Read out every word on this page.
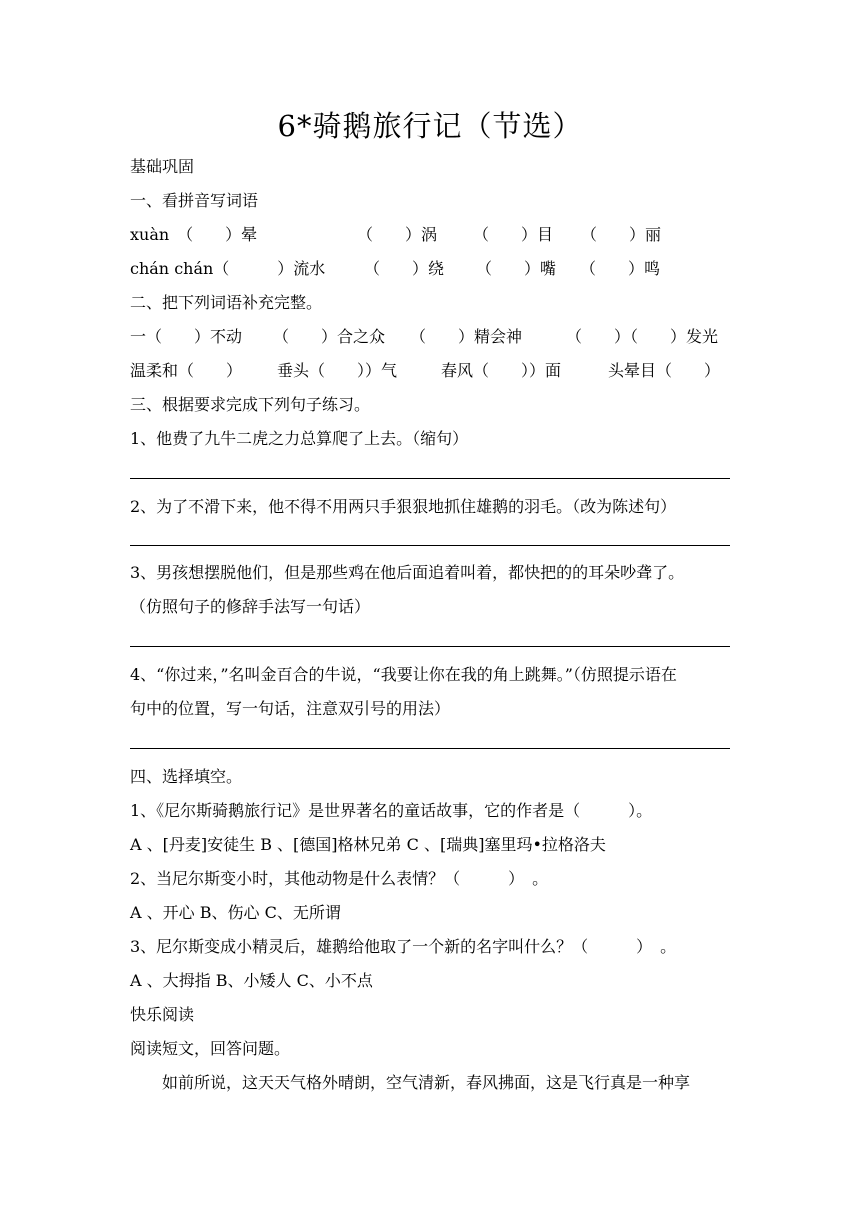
6*骑鹅旅行记（节选）
基础巩固
一、看拼音写词语
xuàn　（　　）晕	（　　）涡 （　　）目 （　　）丽
chán chán（　　　）流水 （　　）绕 （　　）嘴 （　　）鸣
二、把下列词语补充完整。
一（　　）不动 （　　）合之众 （　　）精会神	（　　）（　　）发光
温柔和（　　） 垂头（　　））气	春风（　　））面	头晕目（　　）
三、根据要求完成下列句子练习。
1、他费了九牛二虎之力总算爬了上去。（缩句）
2、为了不滑下来，他不得不用两只手狠狠地抓住雄鹅的羽毛。（改为陈述句）
3、男孩想摆脱他们，但是那些鸡在他后面追着叫着，都快把的的耳朵吵聋了。
（仿照句子的修辞手法写一句话）
4、“你过来，”名叫金百合的牛说，“我要让你在我的角上跳舞。”（仿照提示语在
句中的位置，写一句话，注意双引号的用法）
四、选择填空。
1、《尼尔斯骑鹅旅行记》是世界著名的童话故事，它的作者是（　　　）。
A 、[丹麦]安徒生 B 、[德国]格林兄弟 C 、[瑞典]塞里玛•拉格洛夫
2、当尼尔斯变小时，其他动物是什么表情？（　　　）　。
A 、开心 B、伤心 C、无所谓
3、尼尔斯变成小精灵后，雄鹅给他取了一个新的名字叫什么？（　　　）　。
A 、大拇指 B、小矮人 C、小不点
快乐阅读
阅读短文，回答问题。
如前所说，这天天气格外晴朗，空气清新，春风拂面，这是飞行真是一种享
